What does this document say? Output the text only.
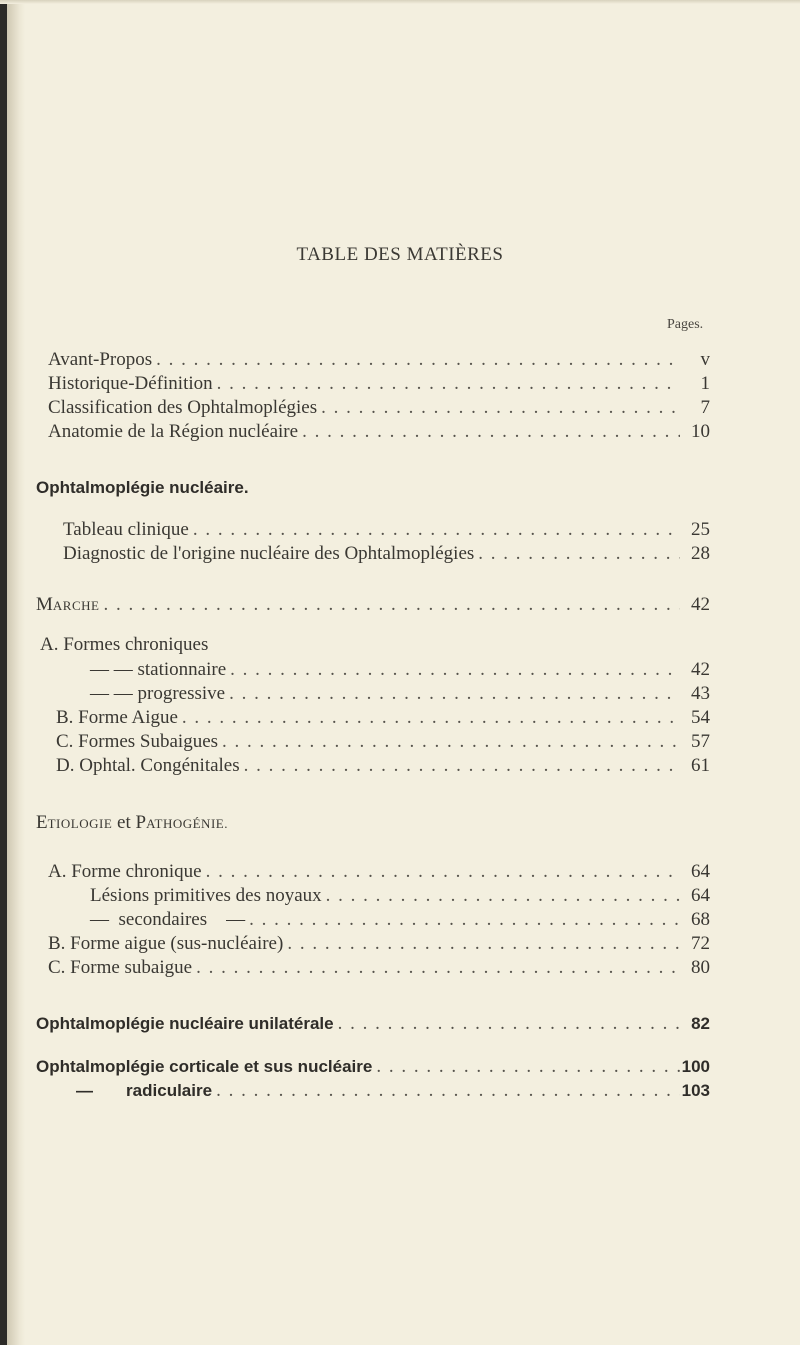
TABLE DES MATIÈRES
Pages.
Avant-Propos . . .	v
Historique-Définition . . .	1
Classification des Ophtalmoplégies . . .	7
Anatomie de la Région nucléaire . . .	10
Ophtalmoplégie nucléaire.
Tableau clinique . . .	25
Diagnostic de l'origine nucléaire des Ophtalmoplégies . . .	28
MARCHE . . .	42
A. Formes chroniques
— — stationnaire . . .	42
— — progressive . . .	43
B. Forme Aigue . . .	54
C. Formes Subaigues . . .	57
D. Ophtal. Congénitales . . .	61
ETIOLOGIE et PATHOGÉNIE.
A. Forme chronique . . .	64
Lésions primitives des noyaux . . .	64
—  secondaires    — . . .	68
B. Forme aigue (sus-nucléaire) . . .	72
C. Forme subaigue . . .	80
Ophtalmoplégie nucléaire unilatérale . . .	82
Ophtalmoplégie corticale et sus nucléaire . . .	100
—       radiculaire . . .	103
